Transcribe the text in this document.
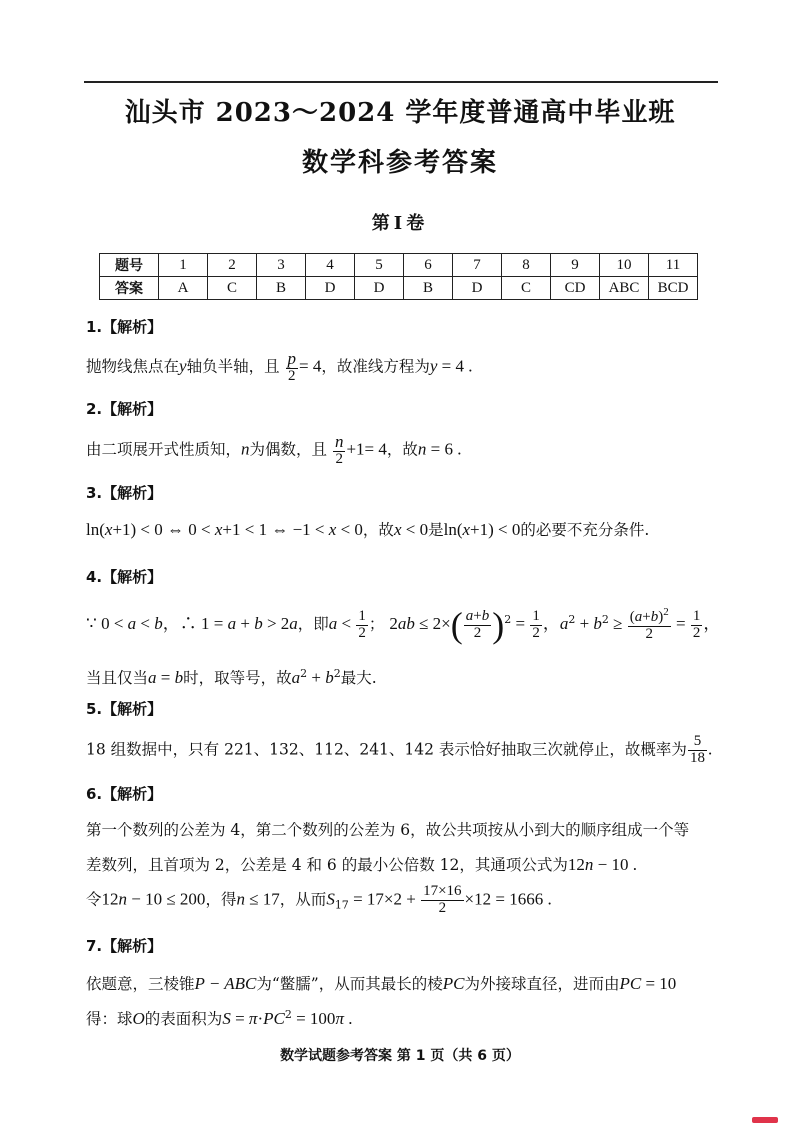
汕头市 2023～2024 学年度普通高中毕业班
数学科参考答案
第Ⅰ卷
题号	1	2	3	4	5	6	7	8	9	10	11
答案	A	C	B	D	D	B	D	C	CD	ABC	BCD
1.【解析】
抛物线焦点在y轴负半轴，且 $\frac{p}{2} = 4$，故准线方程为y = 4 .
2.【解析】
由二项展开式性质知，n为偶数，且 $\frac{n}{2} +1= 4$，故n = 6 .
3.【解析】
ln(x+1) < 0 ⇔ 0 < x+1 < 1 ⇔ −1 < x < 0，故x < 0是ln(x+1) < 0的必要不充分条件.
4.【解析】
∵ 0 < a < b，∴ 1 = a + b > 2a，即$a < \frac{1}{2}$ ； $2ab \le 2\times( \frac{a+b}{2} )^2 = \frac{1}{2}$ ，$a^2 + b^2 \ge \frac{(a+b)^2}{2} = \frac{1}{2}$ ，
当且仅当a = b时，取等号，故$a^2 + b^2$最大.
5.【解析】
18 组数据中，只有 221、132、112、241、142 表示恰好抽取三次就停止，故概率为 $\frac{5}{18}$ .
6.【解析】
第一个数列的公差为 4，第二个数列的公差为 6，故公共项按从小到大的顺序组成一个等
差数列，且首项为 2，公差是 4 和 6 的最小公倍数 12，其通项公式为12n − 10 .
令12n − 10 ≤ 200，得n ≤ 17，从而$S_{17} = 17\times 2 + \frac{17\times 16}{2} \times 12 = 1666$ .
7.【解析】
依题意，三棱锥P − ABC为“鳖臑”，从而其最长的棱PC为外接球直径，进而由PC = 10
得：球O的表面积为$S = \pi\cdot PC^2 = 100\pi$ .
数学试题参考答案 第 1 页（共 6 页）
